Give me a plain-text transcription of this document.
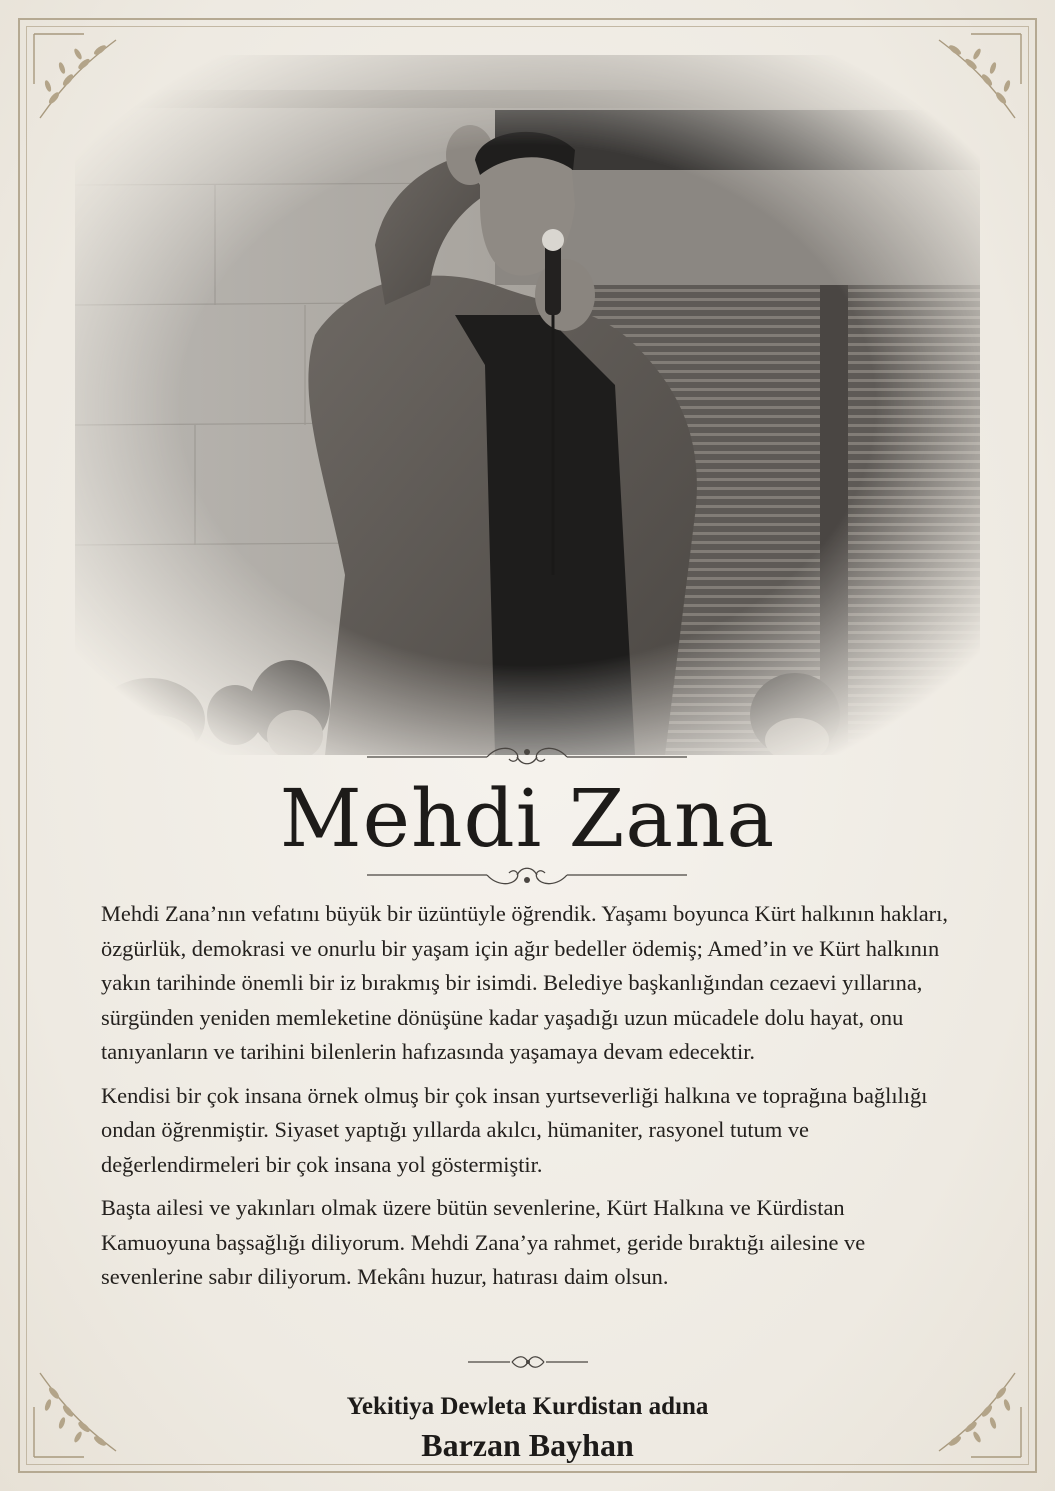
Mehdi Zana

Mehdi Zana’nın vefatını büyük bir üzüntüyle öğrendik. Yaşamı boyunca Kürt halkının hakları, özgürlük, demokrasi ve onurlu bir yaşam için ağır bedeller ödemiş; Amed’in ve Kürt halkının yakın tarihinde önemli bir iz bırakmış bir isimdi. Belediye başkanlığından cezaevi yıllarına, sürgünden yeniden memleketine dönüşüne kadar yaşadığı uzun mücadele dolu hayat, onu tanıyanların ve tarihini bilenlerin hafızasında yaşamaya devam edecektir.

Kendisi bir çok insana örnek olmuş bir çok insan yurtseverliği halkına ve toprağına bağlılığı ondan öğrenmiştir. Siyaset yaptığı yıllarda akılcı, hümaniter, rasyonel tutum ve değerlendirmeleri bir çok insana yol göstermiştir.

Başta ailesi ve yakınları olmak üzere bütün sevenlerine, Kürt Halkına ve Kürdistan Kamuoyuna başsağlığı diliyorum. Mehdi Zana’ya rahmet, geride bıraktığı ailesine ve sevenlerine sabır diliyorum. Mekânı huzur, hatırası daim olsun.

Yekitiya Dewleta Kurdistan adına
Barzan Bayhan
